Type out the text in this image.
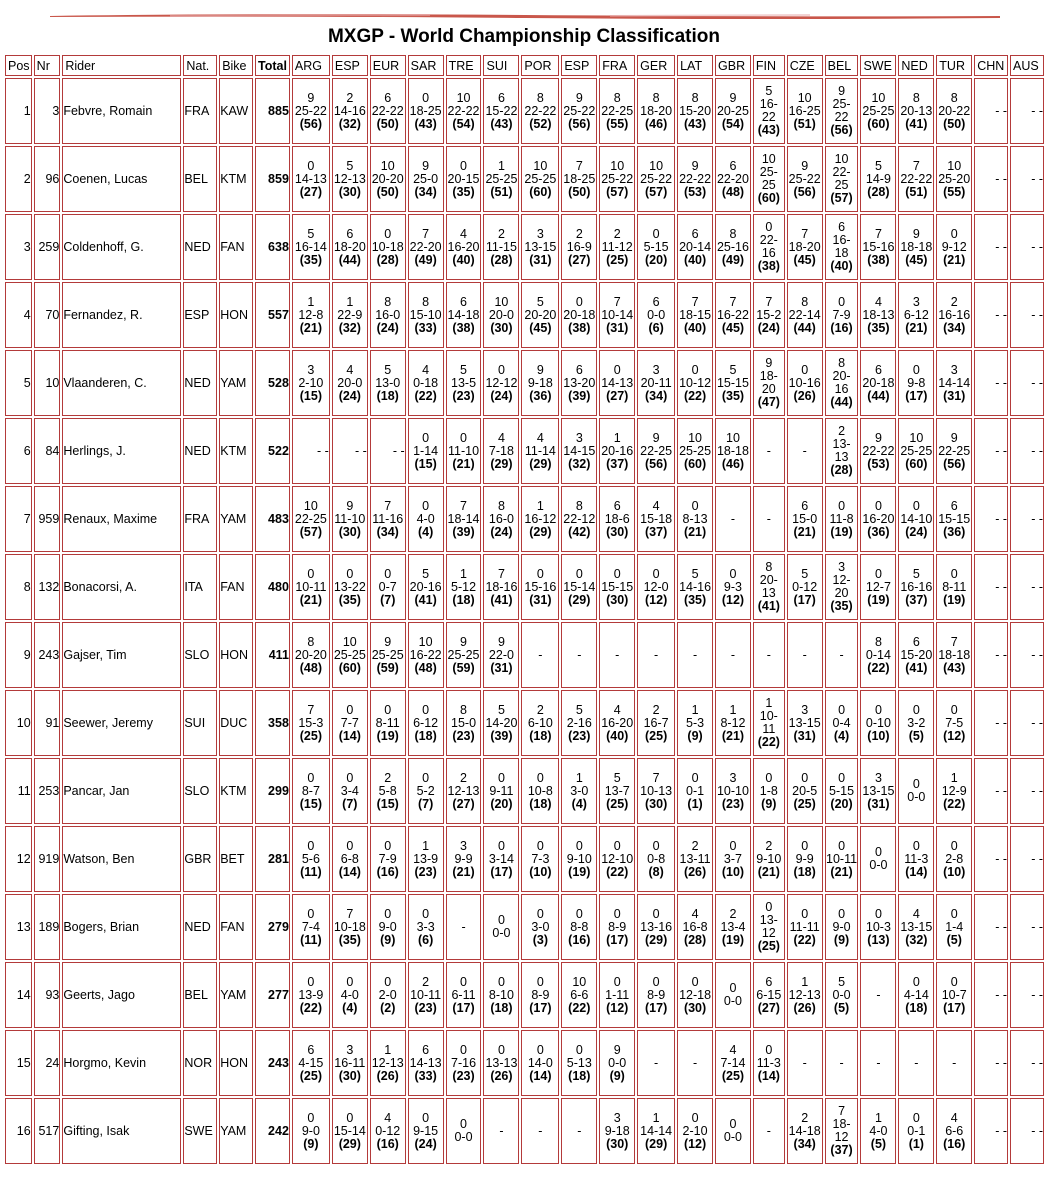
MXGP - World Championship Classification
Pos	Nr	Rider	Nat.	Bike	Total	ARG	ESP	EUR	SAR	TRE	SUI	POR	ESP	FRA	GER	LAT	GBR	FIN	CZE	BEL	SWE	NED	TUR	CHN	AUS
1	3	Febvre, Romain	FRA	KAW	885	9
25-22
(56)	2
14-16
(32)	6
22-22
(50)	0
18-25
(43)	10
22-22
(54)	6
15-22
(43)	8
22-22
(52)	9
25-22
(56)	8
22-25
(55)	8
18-20
(46)	8
15-20
(43)	9
20-25
(54)	5
16-22
(43)	10
16-25
(51)	9
25-22
(56)	10
25-25
(60)	8
20-13
(41)	8
20-22
(50)	- -	- -
2	96	Coenen, Lucas	BEL	KTM	859	0
14-13
(27)	5
12-13
(30)	10
20-20
(50)	9
25-0
(34)	0
20-15
(35)	1
25-25
(51)	10
25-25
(60)	7
18-25
(50)	10
25-22
(57)	10
25-22
(57)	9
22-22
(53)	6
22-20
(48)	10
25-25
(60)	9
25-22
(56)	10
22-25
(57)	5
14-9
(28)	7
22-22
(51)	10
25-20
(55)	- -	- -
3	259	Coldenhoff, G.	NED	FAN	638	5
16-14
(35)	6
18-20
(44)	0
10-18
(28)	7
22-20
(49)	4
16-20
(40)	2
11-15
(28)	3
13-15
(31)	2
16-9
(27)	2
11-12
(25)	0
5-15
(20)	6
20-14
(40)	8
25-16
(49)	0
22-16
(38)	7
18-20
(45)	6
16-18
(40)	7
15-16
(38)	9
18-18
(45)	0
9-12
(21)	- -	- -
4	70	Fernandez, R.	ESP	HON	557	1
12-8
(21)	1
22-9
(32)	8
16-0
(24)	8
15-10
(33)	6
14-18
(38)	10
20-0
(30)	5
20-20
(45)	0
20-18
(38)	7
10-14
(31)	6
0-0
(6)	7
18-15
(40)	7
16-22
(45)	7
15-2
(24)	8
22-14
(44)	0
7-9
(16)	4
18-13
(35)	3
6-12
(21)	2
16-16
(34)	- -	- -
5	10	Vlaanderen, C.	NED	YAM	528	3
2-10
(15)	4
20-0
(24)	5
13-0
(18)	4
0-18
(22)	5
13-5
(23)	0
12-12
(24)	9
9-18
(36)	6
13-20
(39)	0
14-13
(27)	3
20-11
(34)	0
10-12
(22)	5
15-15
(35)	9
18-20
(47)	0
10-16
(26)	8
20-16
(44)	6
20-18
(44)	0
9-8
(17)	3
14-14
(31)	- -	- -
6	84	Herlings, J.	NED	KTM	522	- -	- -	- -	0
1-14
(15)	0
11-10
(21)	4
7-18
(29)	4
11-14
(29)	3
14-15
(32)	1
20-16
(37)	9
22-25
(56)	10
25-25
(60)	10
18-18
(46)	-	-	2
13-13
(28)	9
22-22
(53)	10
25-25
(60)	9
22-25
(56)	- -	- -
7	959	Renaux, Maxime	FRA	YAM	483	10
22-25
(57)	9
11-10
(30)	7
11-16
(34)	0
4-0
(4)	7
18-14
(39)	8
16-0
(24)	1
16-12
(29)	8
22-12
(42)	6
18-6
(30)	4
15-18
(37)	0
8-13
(21)	-	-	6
15-0
(21)	0
11-8
(19)	0
16-20
(36)	0
14-10
(24)	6
15-15
(36)	- -	- -
8	132	Bonacorsi, A.	ITA	FAN	480	0
10-11
(21)	0
13-22
(35)	0
0-7
(7)	5
20-16
(41)	1
5-12
(18)	7
18-16
(41)	0
15-16
(31)	0
15-14
(29)	0
15-15
(30)	0
12-0
(12)	5
14-16
(35)	0
9-3
(12)	8
20-13
(41)	5
0-12
(17)	3
12-20
(35)	0
12-7
(19)	5
16-16
(37)	0
8-11
(19)	- -	- -
9	243	Gajser, Tim	SLO	HON	411	8
20-20
(48)	10
25-25
(60)	9
25-25
(59)	10
16-22
(48)	9
25-25
(59)	9
22-0
(31)	-	-	-	-	-	-	-	-	-	8
0-14
(22)	6
15-20
(41)	7
18-18
(43)	- -	- -
10	91	Seewer, Jeremy	SUI	DUC	358	7
15-3
(25)	0
7-7
(14)	0
8-11
(19)	0
6-12
(18)	8
15-0
(23)	5
14-20
(39)	2
6-10
(18)	5
2-16
(23)	4
16-20
(40)	2
16-7
(25)	1
5-3
(9)	1
8-12
(21)	1
10-11
(22)	3
13-15
(31)	0
0-4
(4)	0
0-10
(10)	0
3-2
(5)	0
7-5
(12)	- -	- -
11	253	Pancar, Jan	SLO	KTM	299	0
8-7
(15)	0
3-4
(7)	2
5-8
(15)	0
5-2
(7)	2
12-13
(27)	0
9-11
(20)	0
10-8
(18)	1
3-0
(4)	5
13-7
(25)	7
10-13
(30)	0
0-1
(1)	3
10-10
(23)	0
1-8
(9)	0
20-5
(25)	0
5-15
(20)	3
13-15
(31)	0
0-0	1
12-9
(22)	- -	- -
12	919	Watson, Ben	GBR	BET	281	0
5-6
(11)	0
6-8
(14)	0
7-9
(16)	1
13-9
(23)	3
9-9
(21)	0
3-14
(17)	0
7-3
(10)	0
9-10
(19)	0
12-10
(22)	0
0-8
(8)	2
13-11
(26)	0
3-7
(10)	2
9-10
(21)	0
9-9
(18)	0
10-11
(21)	0
0-0	0
11-3
(14)	0
2-8
(10)	- -	- -
13	189	Bogers, Brian	NED	FAN	279	0
7-4
(11)	7
10-18
(35)	0
9-0
(9)	0
3-3
(6)	-	0
0-0	0
3-0
(3)	0
8-8
(16)	0
8-9
(17)	0
13-16
(29)	4
16-8
(28)	2
13-4
(19)	0
13-12
(25)	0
11-11
(22)	0
9-0
(9)	0
10-3
(13)	4
13-15
(32)	0
1-4
(5)	- -	- -
14	93	Geerts, Jago	BEL	YAM	277	0
13-9
(22)	0
4-0
(4)	0
2-0
(2)	2
10-11
(23)	0
6-11
(17)	0
8-10
(18)	0
8-9
(17)	10
6-6
(22)	0
1-11
(12)	0
8-9
(17)	0
12-18
(30)	0
0-0	6
6-15
(27)	1
12-13
(26)	5
0-0
(5)	-	0
4-14
(18)	0
10-7
(17)	- -	- -
15	24	Horgmo, Kevin	NOR	HON	243	6
4-15
(25)	3
16-11
(30)	1
12-13
(26)	6
14-13
(33)	0
7-16
(23)	0
13-13
(26)	0
14-0
(14)	0
5-13
(18)	9
0-0
(9)	-	-	4
7-14
(25)	0
11-3
(14)	-	-	-	-	-	- -	- -
16	517	Gifting, Isak	SWE	YAM	242	0
9-0
(9)	0
15-14
(29)	4
0-12
(16)	0
9-15
(24)	0
0-0	-	-	-	3
9-18
(30)	1
14-14
(29)	0
2-10
(12)	0
0-0	-	2
14-18
(34)	7
18-12
(37)	1
4-0
(5)	0
0-1
(1)	4
6-6
(16)	- -	- -
